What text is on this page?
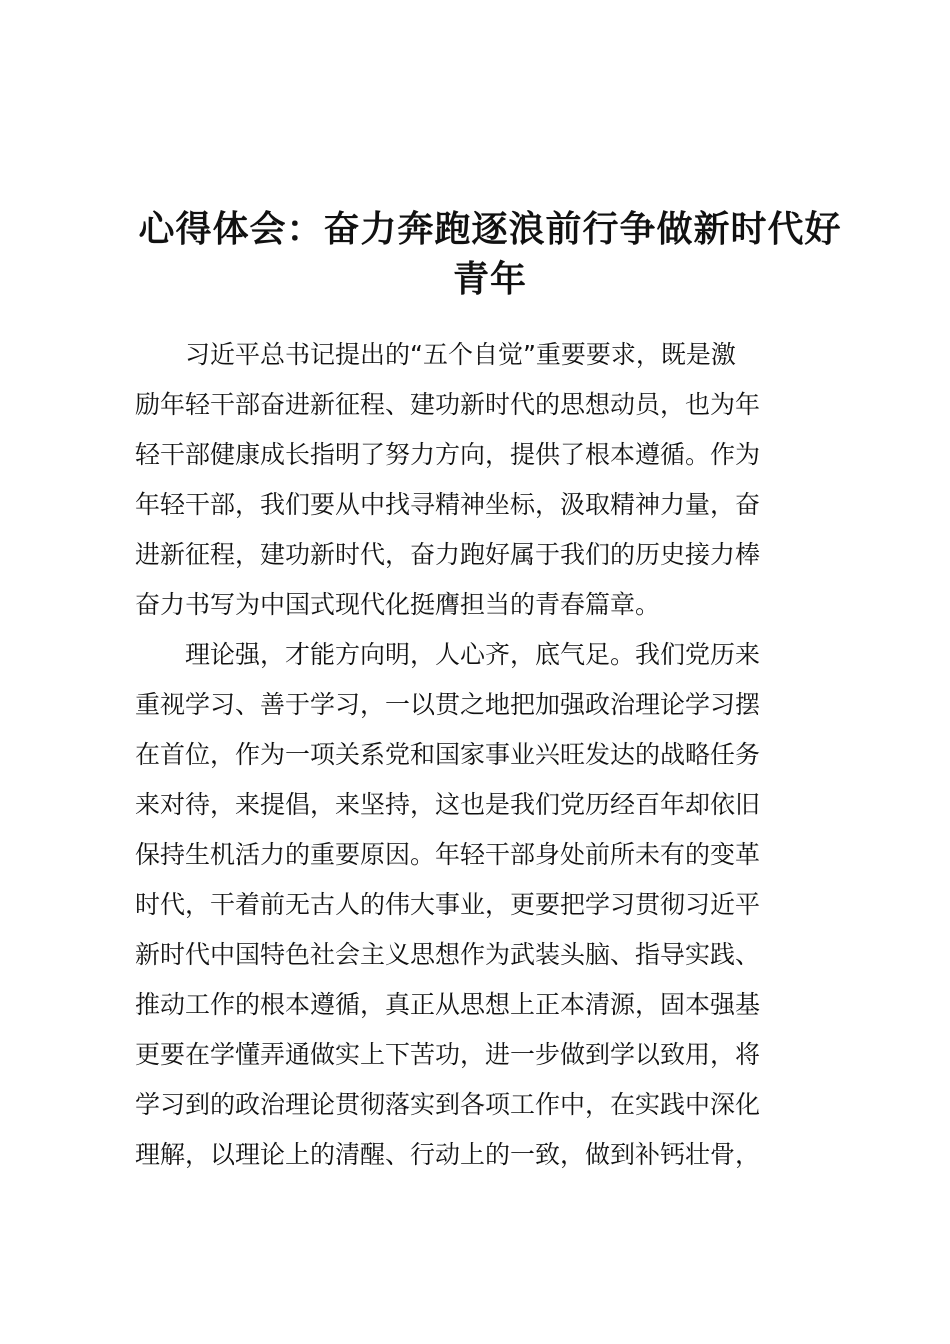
心得体会：奋力奔跑逐浪前行争做新时代好
青年
习近平总书记提出的“五个自觉”重要要求，既是激
励年轻干部奋进新征程、建功新时代的思想动员，也为年
轻干部健康成长指明了努力方向，提供了根本遵循。作为
年轻干部，我们要从中找寻精神坐标，汲取精神力量，奋
进新征程，建功新时代，奋力跑好属于我们的历史接力棒
奋力书写为中国式现代化挺膺担当的青春篇章。
理论强，才能方向明，人心齐，底气足。我们党历来
重视学习、善于学习，一以贯之地把加强政治理论学习摆
在首位，作为一项关系党和国家事业兴旺发达的战略任务
来对待，来提倡，来坚持，这也是我们党历经百年却依旧
保持生机活力的重要原因。年轻干部身处前所未有的变革
时代，干着前无古人的伟大事业，更要把学习贯彻习近平
新时代中国特色社会主义思想作为武装头脑、指导实践、
推动工作的根本遵循，真正从思想上正本清源，固本强基
更要在学懂弄通做实上下苦功，进一步做到学以致用，将
学习到的政治理论贯彻落实到各项工作中，在实践中深化
理解，以理论上的清醒、行动上的一致，做到补钙壮骨，
